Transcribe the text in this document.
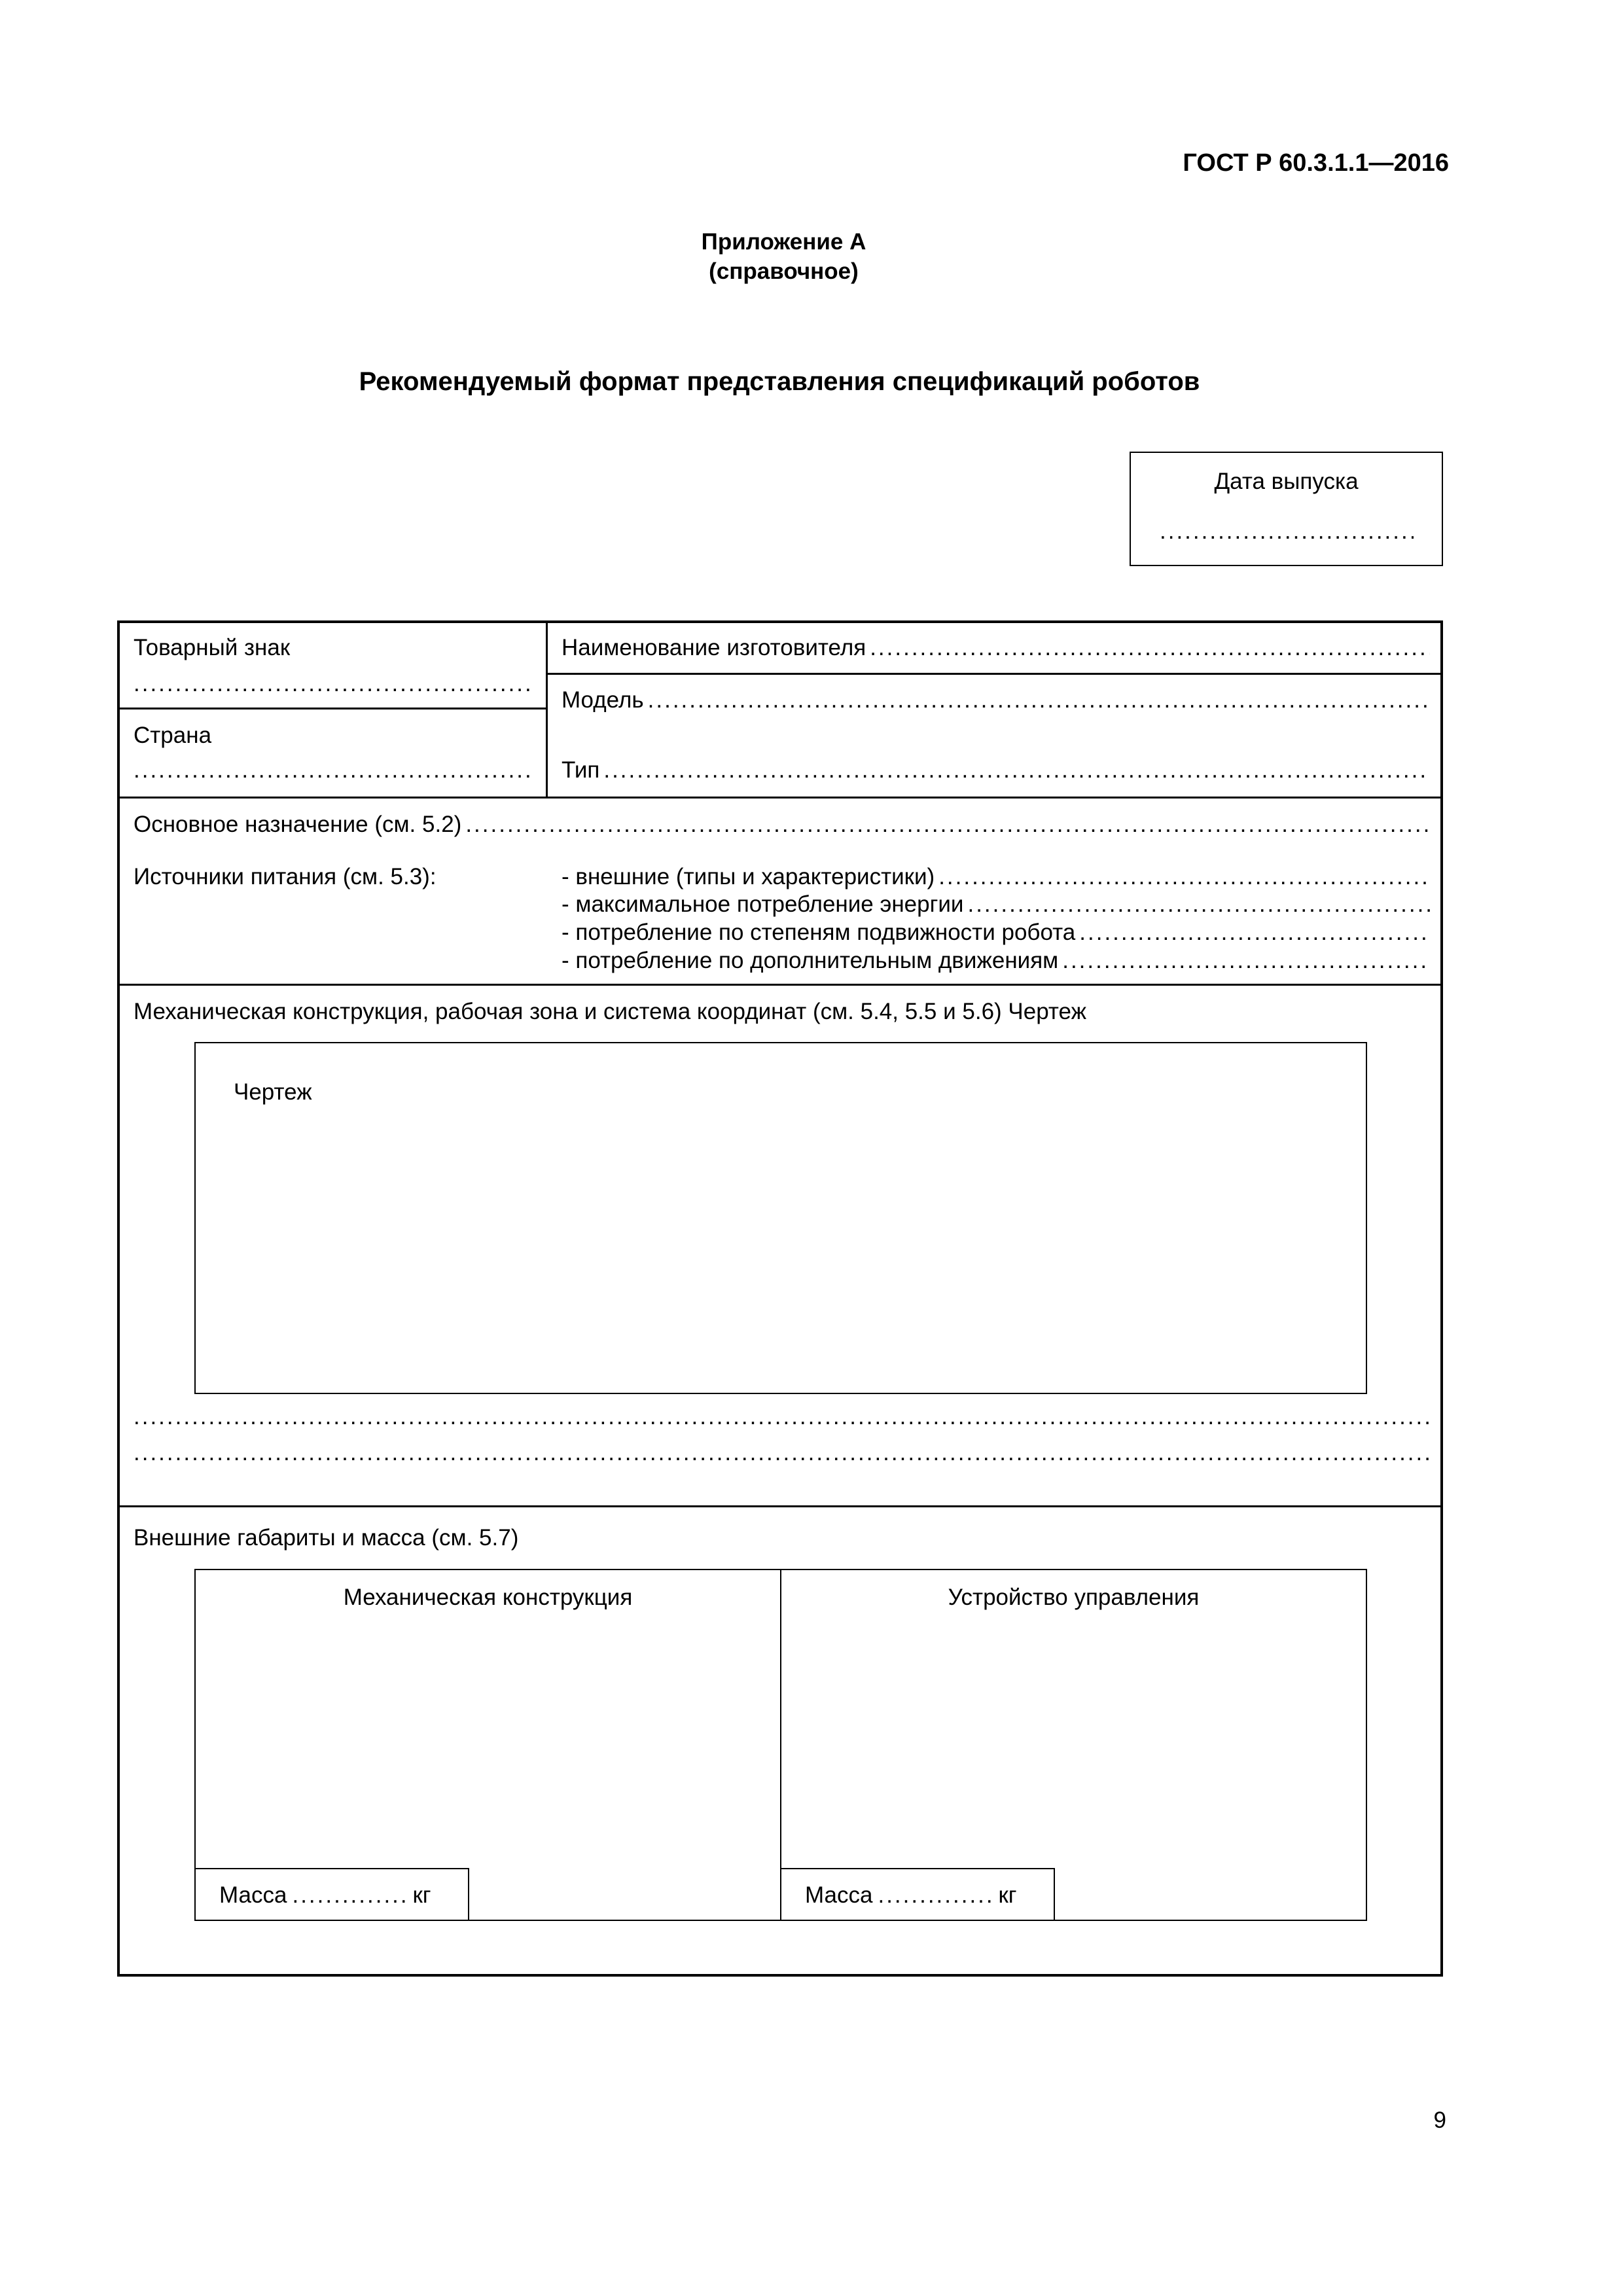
ГОСТ Р 60.3.1.1—2016
Приложение А
(справочное)
Рекомендуемый формат представления спецификаций роботов
Дата выпуска
.....
Товарный знак
.....
Страна
.....
Наименование изготовителя
.....
Модель
.....
Тип
.....
Основное назначение (см. 5.2)
.....
Источники питания (см. 5.3):	- внешние (типы и характеристики)
.....
- максимальное потребление энергии
.....
- потребление по степеням подвижности робота
.....
- потребление по дополнительным движениям
.....
Механическая конструкция, рабочая зона и система координат (см. 5.4, 5.5 и 5.6) Чертеж
Чертеж
.....
.....
Внешние габариты и масса (см. 5.7)
Механическая конструкция
Масса .....	кг
Устройство управления
Масса .....	кг
9
